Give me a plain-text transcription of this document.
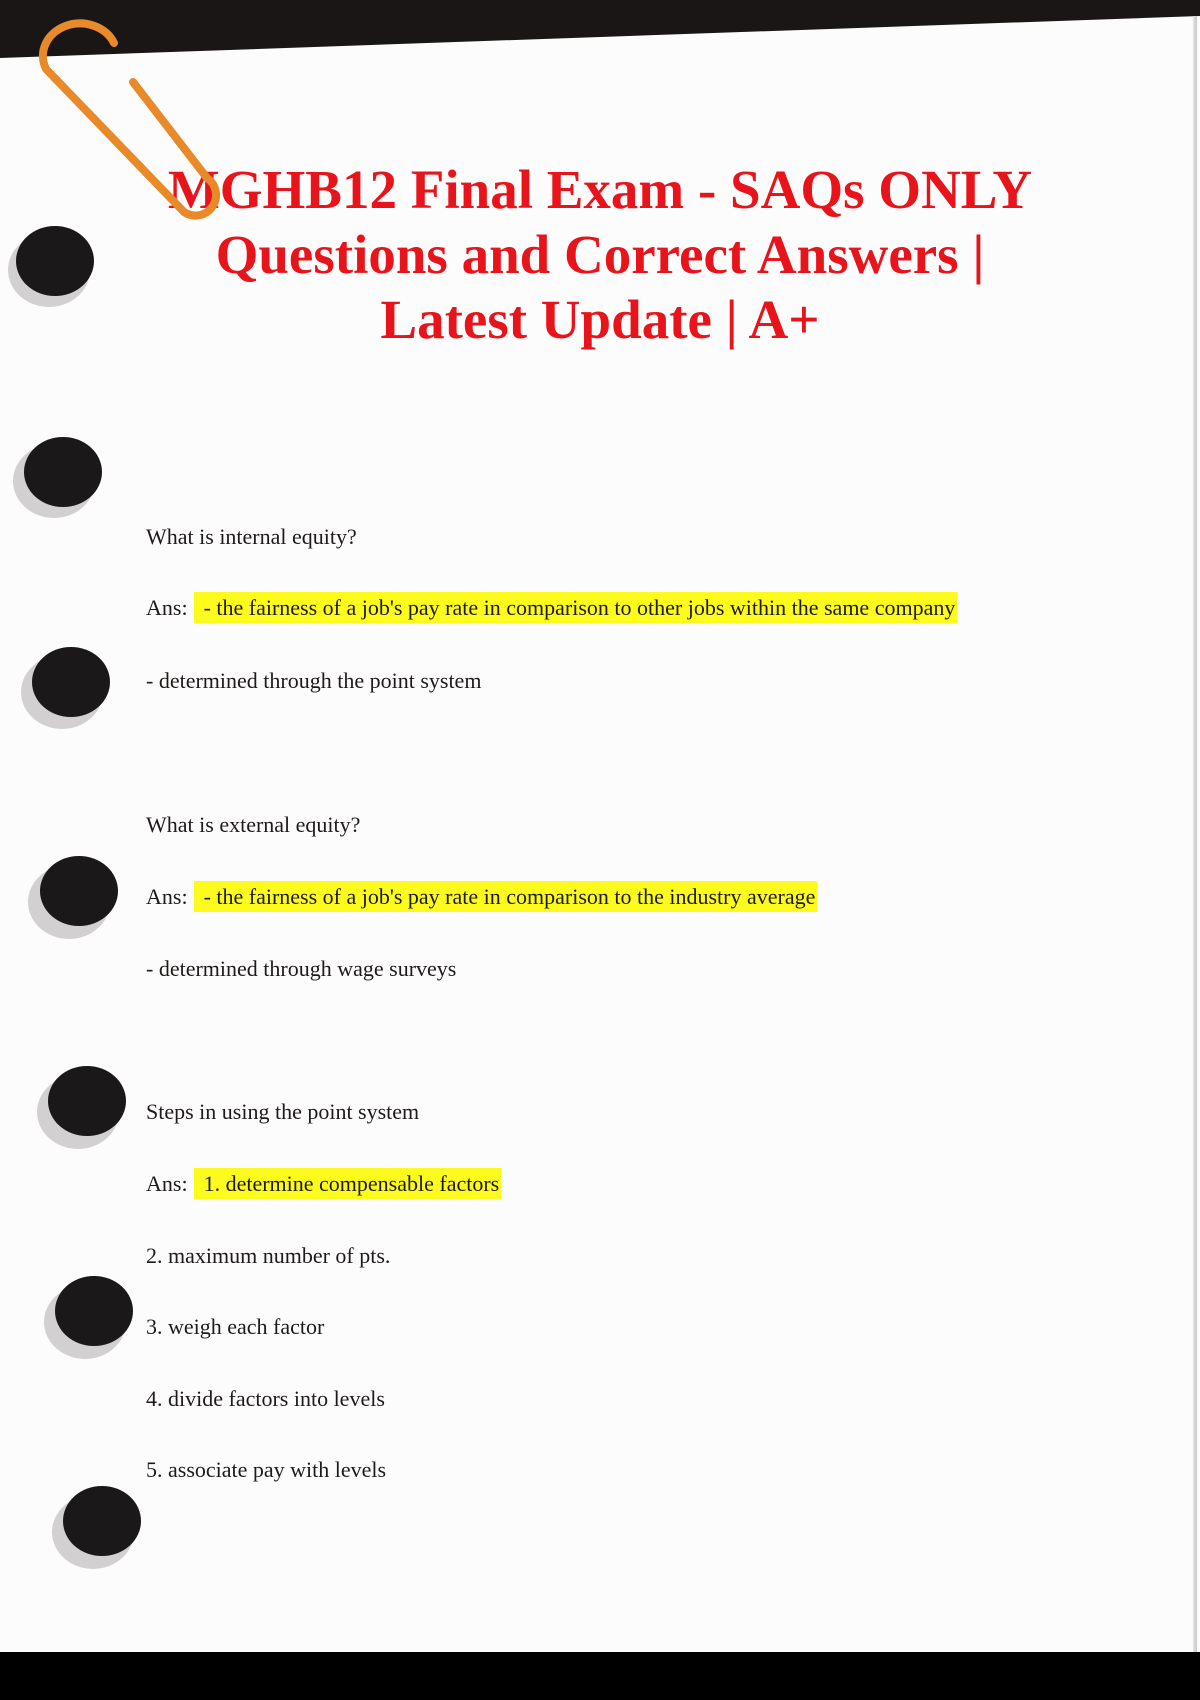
MGHB12 Final Exam - SAQs ONLY
Questions and Correct Answers |
Latest Update | A+
What is internal equity?
Ans: - the fairness of a job's pay rate in comparison to other jobs within the same company
- determined through the point system
What is external equity?
Ans: - the fairness of a job's pay rate in comparison to the industry average
- determined through wage surveys
Steps in using the point system
Ans: 1. determine compensable factors
2. maximum number of pts.
3. weigh each factor
4. divide factors into levels
5. associate pay with levels
